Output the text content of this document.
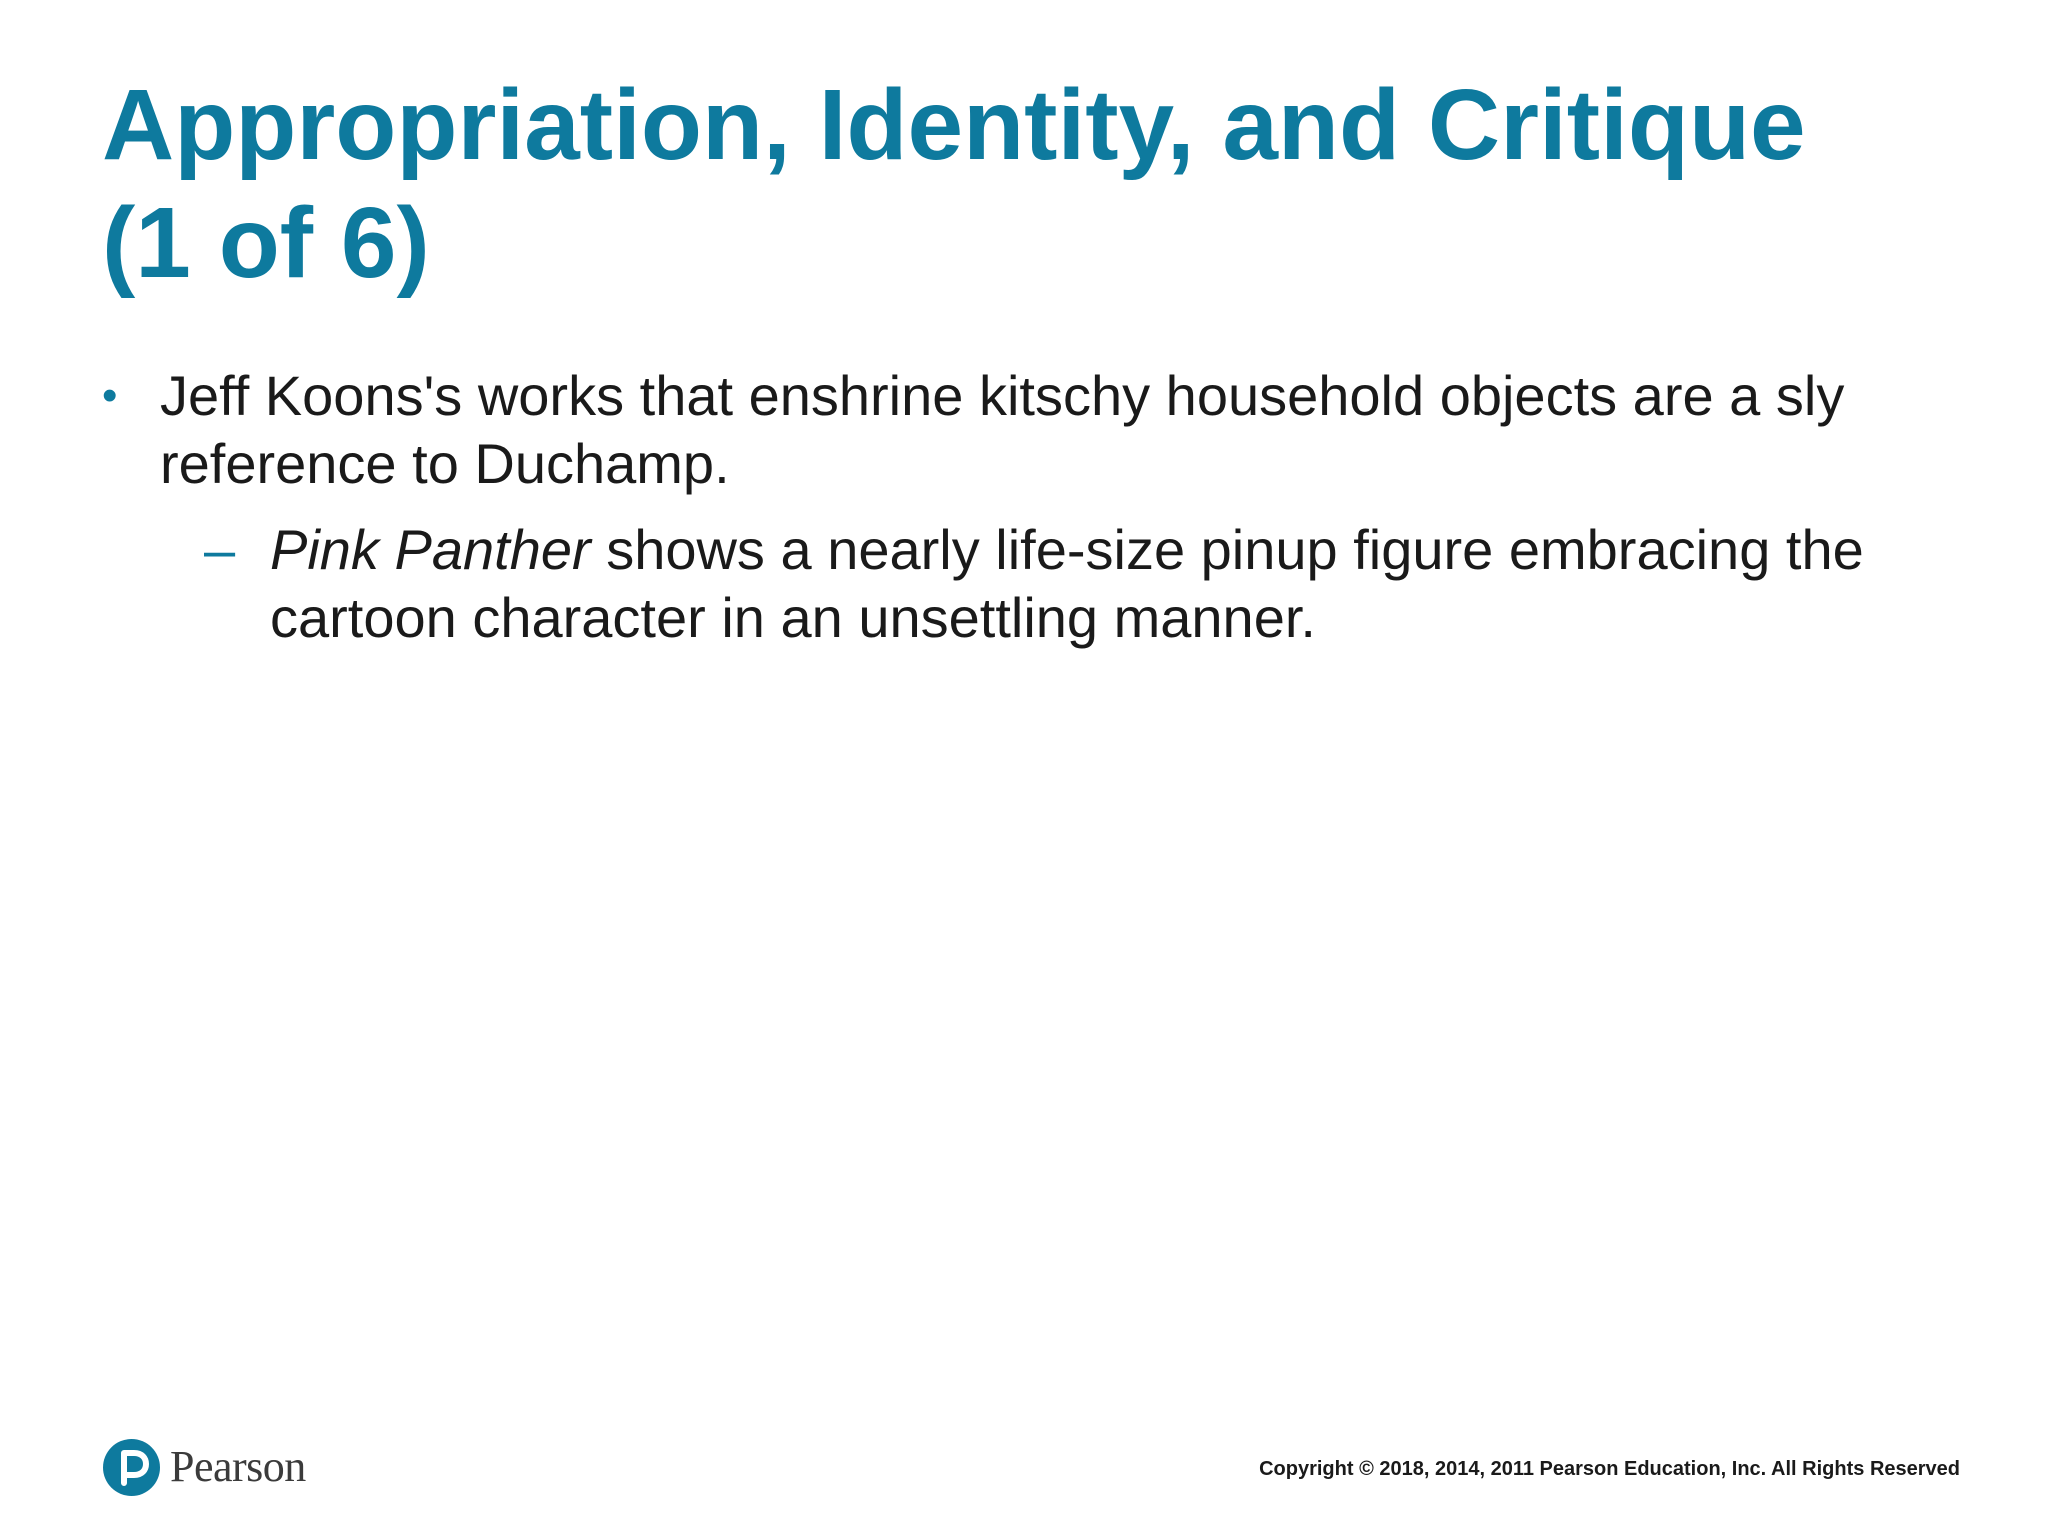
Appropriation, Identity, and Critique
(1 of 6)
• Jeff Koons's works that enshrine kitschy household objects are a sly reference to Duchamp.
– Pink Panther shows a nearly life-size pinup figure embracing the cartoon character in an unsettling manner.
Pearson	Copyright © 2018, 2014, 2011 Pearson Education, Inc. All Rights Reserved
